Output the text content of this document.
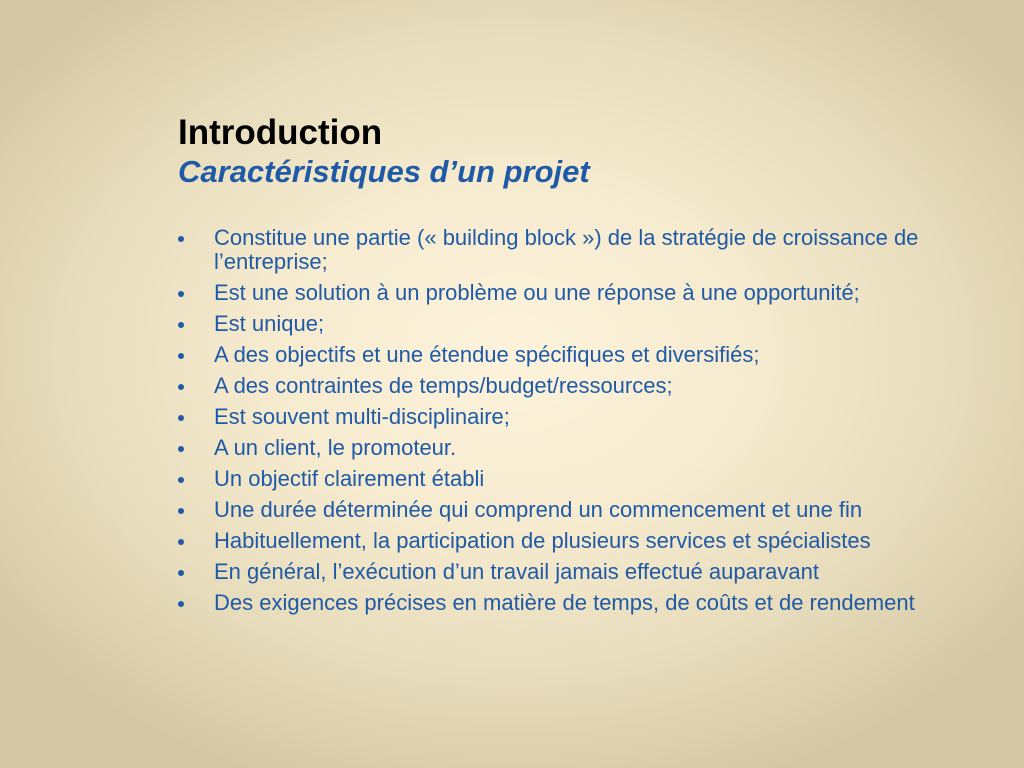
Introduction
Caractéristiques d’un projet
Constitue une partie (« building block ») de la stratégie de croissance de l’entreprise;
Est une solution à un problème ou une réponse à une opportunité;
Est unique;
A des objectifs et une étendue spécifiques et diversifiés;
A des contraintes de temps/budget/ressources;
Est souvent multi-disciplinaire;
A un client, le promoteur.
Un objectif clairement établi
Une durée déterminée qui comprend un commencement et une fin
Habituellement, la participation de plusieurs services et spécialistes
En général, l’exécution d’un travail jamais effectué auparavant
Des exigences précises en matière de temps, de coûts et de rendement
